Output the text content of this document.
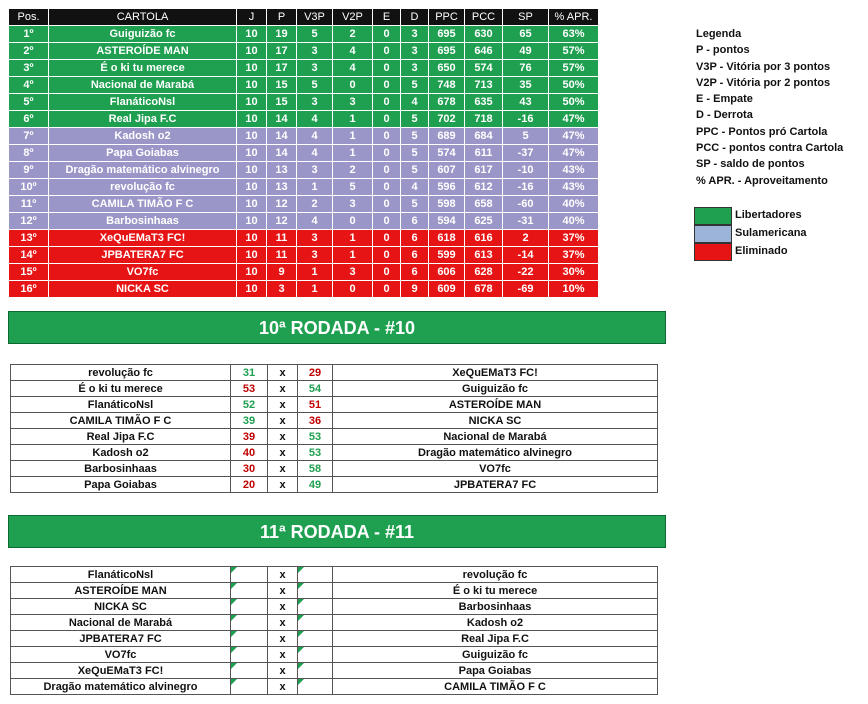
Pos.	CARTOLA	J	P	V3P	V2P	E	D	PPC	PCC	SP	% APR.
1º	Guiguizão fc	10	19	5	2	0	3	695	630	65	63%
2º	ASTEROÍDE MAN	10	17	3	4	0	3	695	646	49	57%
3º	É o ki tu merece	10	17	3	4	0	3	650	574	76	57%
4º	Nacional de Marabá	10	15	5	0	0	5	748	713	35	50%
5º	FlanáticoNsl	10	15	3	3	0	4	678	635	43	50%
6º	Real Jipa F.C	10	14	4	1	0	5	702	718	-16	47%
7º	Kadosh o2	10	14	4	1	0	5	689	684	5	47%
8º	Papa Goiabas	10	14	4	1	0	5	574	611	-37	47%
9º	Dragão matemático alvinegro	10	13	3	2	0	5	607	617	-10	43%
10º	revolução fc	10	13	1	5	0	4	596	612	-16	43%
11º	CAMILA TIMÃO F C	10	12	2	3	0	5	598	658	-60	40%
12º	Barbosinhaas	10	12	4	0	0	6	594	625	-31	40%
13º	XeQuEMaT3 FC!	10	11	3	1	0	6	618	616	2	37%
14º	JPBATERA7 FC	10	11	3	1	0	6	599	613	-14	37%
15º	VO7fc	10	9	1	3	0	6	606	628	-22	30%
16º	NICKA SC	10	3	1	0	0	9	609	678	-69	10%
Legenda
P - pontos
V3P - Vitória por 3 pontos
V2P - Vitória por 2 pontos
E - Empate
D - Derrota
PPC - Pontos pró Cartola
PCC - pontos contra Cartola
SP - saldo de pontos
% APR. - Aproveitamento
Libertadores
Sulamericana
Eliminado
10ª RODADA - #10
revolução fc	31	x	29	XeQuEMaT3 FC!
É o ki tu merece	53	x	54	Guiguizão fc
FlanáticoNsl	52	x	51	ASTEROÍDE MAN
CAMILA TIMÃO F C	39	x	36	NICKA SC
Real Jipa F.C	39	x	53	Nacional de Marabá
Kadosh o2	40	x	53	Dragão matemático alvinegro
Barbosinhaas	30	x	58	VO7fc
Papa Goiabas	20	x	49	JPBATERA7 FC
11ª RODADA - #11
FlanáticoNsl		x		revolução fc
ASTEROÍDE MAN		x		É o ki tu merece
NICKA SC		x		Barbosinhaas
Nacional de Marabá		x		Kadosh o2
JPBATERA7 FC		x		Real Jipa F.C
VO7fc		x		Guiguizão fc
XeQuEMaT3 FC!		x		Papa Goiabas
Dragão matemático alvinegro		x		CAMILA TIMÃO F C
